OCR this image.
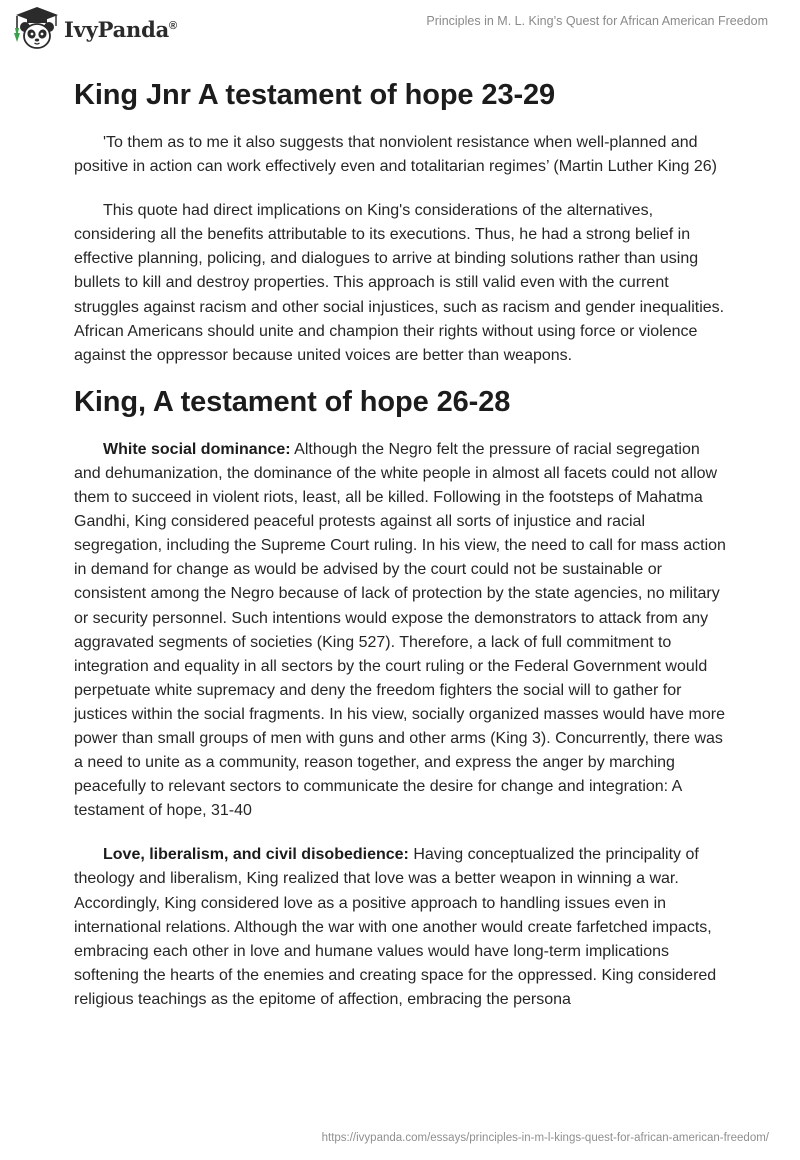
IvyPanda®	Principles in M. L. King’s Quest for African American Freedom
King Jnr A testament of hope 23-29

'To them as to me it also suggests that nonviolent resistance when well-planned and positive in action can work effectively even and totalitarian regimes’ (Martin Luther King 26)

This quote had direct implications on King's considerations of the alternatives, considering all the benefits attributable to its executions. Thus, he had a strong belief in effective planning, policing, and dialogues to arrive at binding solutions rather than using bullets to kill and destroy properties. This approach is still valid even with the current struggles against racism and other social injustices, such as racism and gender inequalities. African Americans should unite and champion their rights without using force or violence against the oppressor because united voices are better than weapons.

King, A testament of hope 26-28

White social dominance: Although the Negro felt the pressure of racial segregation and dehumanization, the dominance of the white people in almost all facets could not allow them to succeed in violent riots, least, all be killed. Following in the footsteps of Mahatma Gandhi, King considered peaceful protests against all sorts of injustice and racial segregation, including the Supreme Court ruling. In his view, the need to call for mass action in demand for change as would be advised by the court could not be sustainable or consistent among the Negro because of lack of protection by the state agencies, no military or security personnel. Such intentions would expose the demonstrators to attack from any aggravated segments of societies (King 527). Therefore, a lack of full commitment to integration and equality in all sectors by the court ruling or the Federal Government would perpetuate white supremacy and deny the freedom fighters the social will to gather for justices within the social fragments. In his view, socially organized masses would have more power than small groups of men with guns and other arms (King 3). Concurrently, there was a need to unite as a community, reason together, and express the anger by marching peacefully to relevant sectors to communicate the desire for change and integration: A testament of hope, 31-40

Love, liberalism, and civil disobedience: Having conceptualized the principality of theology and liberalism, King realized that love was a better weapon in winning a war. Accordingly, King considered love as a positive approach to handling issues even in international relations. Although the war with one another would create farfetched impacts, embracing each other in love and humane values would have long-term implications softening the hearts of the enemies and creating space for the oppressed. King considered religious teachings as the epitome of affection, embracing the persona

https://ivypanda.com/essays/principles-in-m-l-kings-quest-for-african-american-freedom/
